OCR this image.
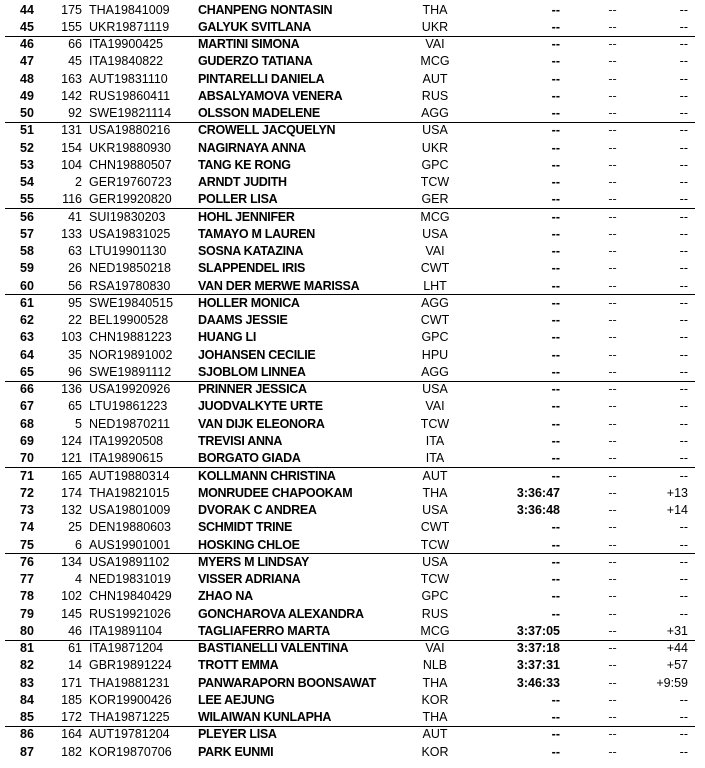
44	175 THA19841009 CHANPENG NONTASIN	THA	--	--	--
45	155 UKR19871119 GALYUK SVITLANA	UKR	--	--	--
46	66 ITA19900425	MARTINI SIMONA	VAI	--	--	--
47	45 ITA19840822	GUDERZO TATIANA	MCG	--	--	--
48	163 AUT19831110 PINTARELLI DANIELA	AUT	--	--	--
49	142 RUS19860411 ABSALYAMOVA VENERA	RUS	--	--	--
50	92 SWE19821114 OLSSON MADELENE	AGG	--	--	--
51	131 USA19880216 CROWELL JACQUELYN	USA	--	--	--
52	154 UKR19880930 NAGIRNAYA ANNA	UKR	--	--	--
53	104 CHN19880507 TANG KE RONG	GPC	--	--	--
54	2 GER19760723 ARNDT JUDITH	TCW	--	--	--
55	116 GER19920820 POLLER LISA	GER	--	--	--
56	41 SUI19830203	HOHL JENNIFER	MCG	--	--	--
57	133 USA19831025 TAMAYO M LAUREN	USA	--	--	--
58	63 LTU19901130	SOSNA KATAZINA	VAI	--	--	--
59	26 NED19850218 SLAPPENDEL IRIS	CWT	--	--	--
60	56 RSA19780830 VAN DER MERWE MARISSA	LHT	--	--	--
61	95 SWE19840515 HOLLER MONICA	AGG	--	--	--
62	22 BEL19900528 DAAMS JESSIE	CWT	--	--	--
63	103 CHN19881223 HUANG LI	GPC	--	--	--
64	35 NOR19891002 JOHANSEN CECILIE	HPU	--	--	--
65	96 SWE19891112 SJOBLOM LINNEA	AGG	--	--	--
66	136 USA19920926 PRINNER JESSICA	USA	--	--	--
67	65 LTU19861223 JUODVALKYTE URTE	VAI	--	--	--
68	5 NED19870211 VAN DIJK ELEONORA	TCW	--	--	--
69	124 ITA19920508	TREVISI ANNA	ITA	--	--	--
70	121 ITA19890615	BORGATO GIADA	ITA	--	--	--
71	165 AUT19880314 KOLLMANN CHRISTINA	AUT	--	--	--
72	174 THA19821015 MONRUDEE CHAPOOKAM	THA	3:36:47	--	+13
73	132 USA19801009 DVORAK C ANDREA	USA	3:36:48	--	+14
74	25 DEN19880603 SCHMIDT TRINE	CWT	--	--	--
75	6 AUS19901001 HOSKING CHLOE	TCW	--	--	--
76	134 USA19891102 MYERS M LINDSAY	USA	--	--	--
77	4 NED19831019 VISSER ADRIANA	TCW	--	--	--
78	102 CHN19840429 ZHAO NA	GPC	--	--	--
79	145 RUS19921026 GONCHAROVA ALEXANDRA	RUS	--	--	--
80	46 ITA19891104	TAGLIAFERRO MARTA	MCG	3:37:05	--	+31
81	61 ITA19871204	BASTIANELLI VALENTINA	VAI	3:37:18	--	+44
82	14 GBR19891224 TROTT EMMA	NLB	3:37:31	--	+57
83	171 THA19881231 PANWARAPORN BOONSAWAT	THA	3:46:33	--	+9:59
84	185 KOR19900426 LEE AEJUNG	KOR	--	--	--
85	172 THA19871225 WILAIWAN KUNLAPHA	THA	--	--	--
86	164 AUT19781204 PLEYER LISA	AUT	--	--	--
87	182 KOR19870706 PARK EUNMI	KOR	--	--	--
